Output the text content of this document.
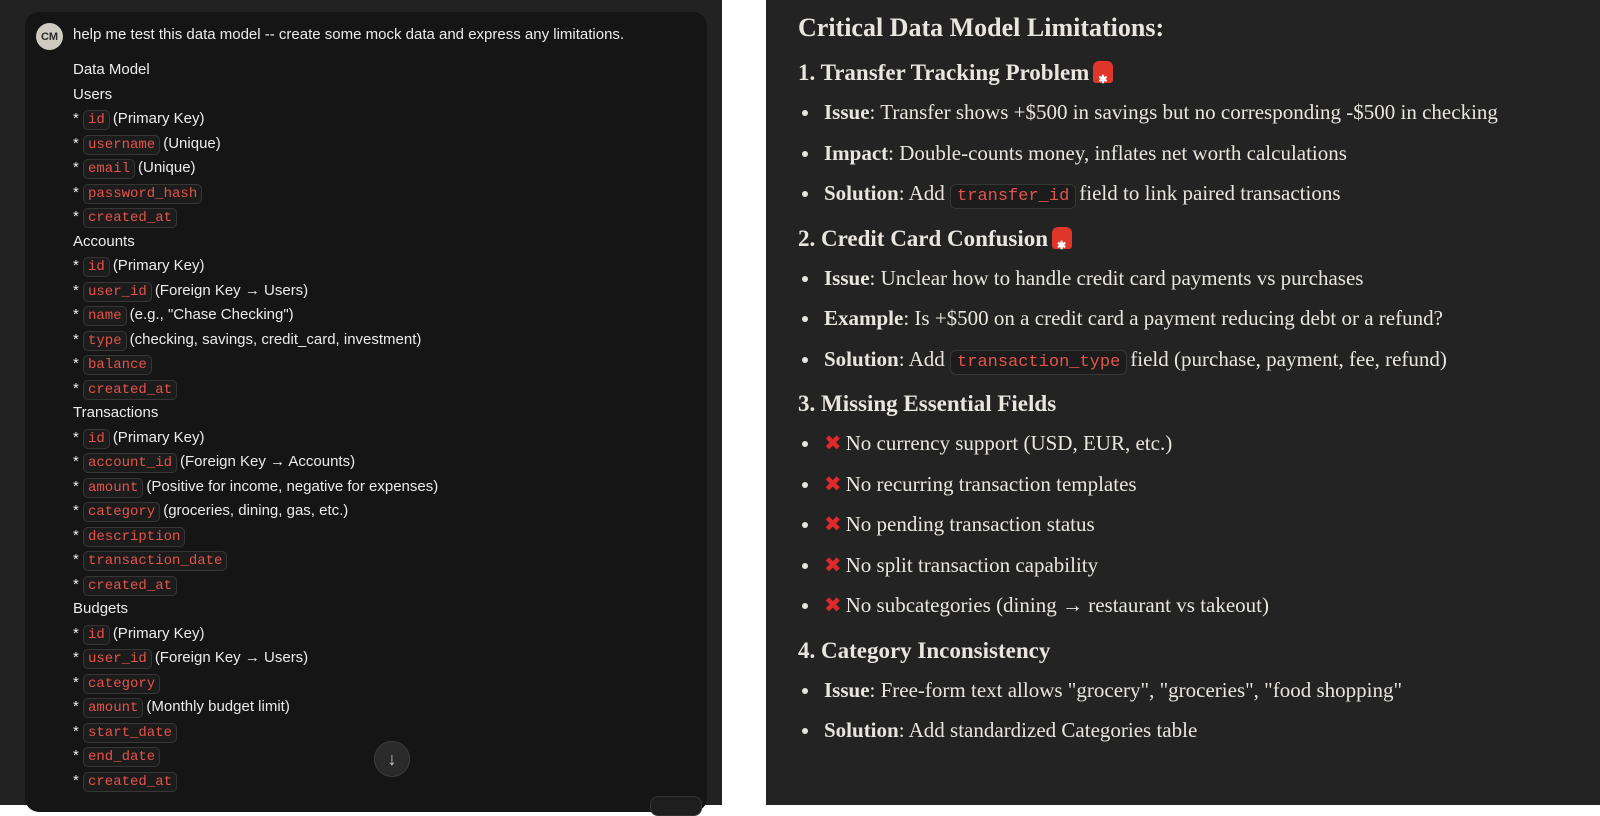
CM help me test this data model -- create some mock data and express any limitations.
Data Model
Users
* id (Primary Key)
* username (Unique)
* email (Unique)
* password_hash
* created_at
Accounts
* id (Primary Key)
* user_id (Foreign Key → Users)
* name (e.g., "Chase Checking")
* type (checking, savings, credit_card, investment)
* balance
* created_at
Transactions
* id (Primary Key)
* account_id (Foreign Key → Accounts)
* amount (Positive for income, negative for expenses)
* category (groceries, dining, gas, etc.)
* description
* transaction_date
* created_at
Budgets
* id (Primary Key)
* user_id (Foreign Key → Users)
* category
* amount (Monthly budget limit)
* start_date
* end_date
* created_at
↓
Critical Data Model Limitations:
1. Transfer Tracking Problem✱
Issue: Transfer shows +$500 in savings but no corresponding -$500 in checking
Impact: Double-counts money, inflates net worth calculations
Solution: Add transfer_id field to link paired transactions
2. Credit Card Confusion✱
Issue: Unclear how to handle credit card payments vs purchases
Example: Is +$500 on a credit card a payment reducing debt or a refund?
Solution: Add transaction_type field (purchase, payment, fee, refund)
3. Missing Essential Fields
✖ No currency support (USD, EUR, etc.)
✖ No recurring transaction templates
✖ No pending transaction status
✖ No split transaction capability
✖ No subcategories (dining → restaurant vs takeout)
4. Category Inconsistency
Issue: Free-form text allows "grocery", "groceries", "food shopping"
Solution: Add standardized Categories table
